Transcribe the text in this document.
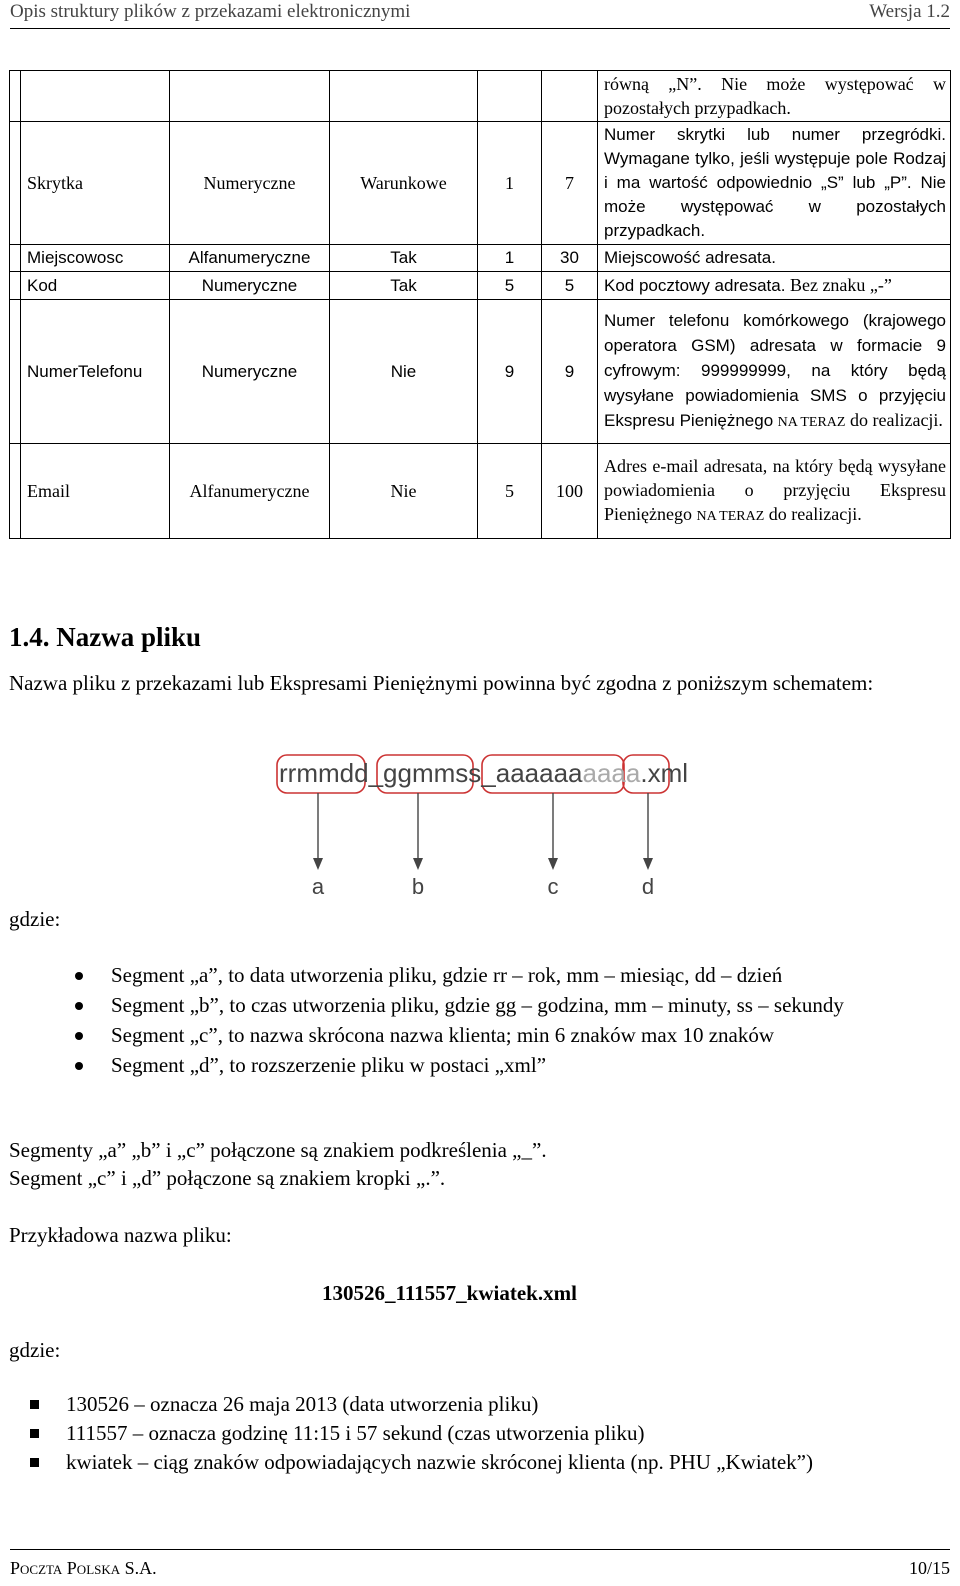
Opis struktury plików z przekazami elektronicznymi	Wersja 1.2
						równą „N”. Nie może występować w pozostałych przypadkach.
	Skrytka	Numeryczne	Warunkowe	1	7	Numer skrytki lub numer przegródki. Wymagane tylko, jeśli występuje pole Rodzaj i ma wartość odpowiednio „S” lub „P”. Nie może występować w pozostałych przypadkach.
	Miejscowosc	Alfanumeryczne	Tak	1	30	Miejscowość adresata.
	Kod	Numeryczne	Tak	5	5	Kod pocztowy adresata. Bez znaku „-”
	NumerTelefonu	Numeryczne	Nie	9	9	Numer telefonu komórkowego (krajowego operatora GSM) adresata w formacie 9 cyfrowym: 999999999, na który będą wysyłane powiadomienia SMS o przyjęciu Ekspresu Pieniężnego NA TERAZ do realizacji.
	Email	Alfanumeryczne	Nie	5	100	Adres e-mail adresata, na który będą wysyłane powiadomienia o przyjęciu Ekspresu Pieniężnego NA TERAZ do realizacji.
1.4. Nazwa pliku
Nazwa pliku z przekazami lub Ekspresami Pieniężnymi powinna być zgodna z poniższym schematem:
rrmmdd_ggmmss_aaaaaaaaaa.xml
a	b	c	d
gdzie:
Segment „a”, to data utworzenia pliku, gdzie rr – rok, mm – miesiąc, dd – dzień
Segment „b”, to czas utworzenia pliku, gdzie gg – godzina, mm – minuty, ss – sekundy
Segment „c”, to nazwa skrócona nazwa klienta; min 6 znaków max 10 znaków
Segment „d”, to rozszerzenie pliku w postaci „xml”
Segmenty „a” „b” i „c” połączone są znakiem podkreślenia „_”.
Segment „c” i „d” połączone są znakiem kropki „.”.
Przykładowa nazwa pliku:
130526_111557_kwiatek.xml
gdzie:
130526 – oznacza 26 maja 2013 (data utworzenia pliku)
111557 – oznacza godzinę 11:15 i 57 sekund (czas utworzenia pliku)
kwiatek – ciąg znaków odpowiadających nazwie skróconej klienta (np. PHU „Kwiatek”)
Poczta Polska S.A.	10/15
